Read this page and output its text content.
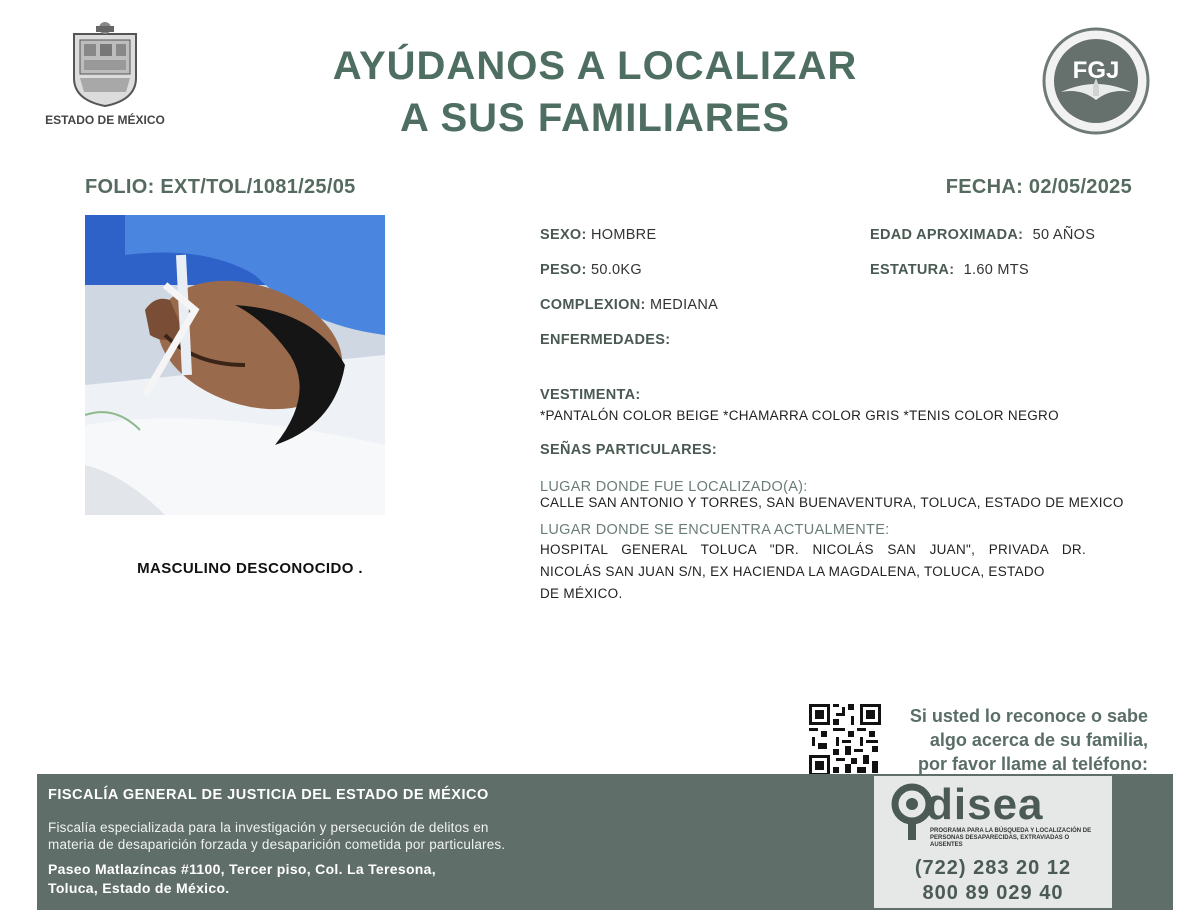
ESTADO DE MÉXICO
AYÚDANOS A LOCALIZAR
A SUS FAMILIARES
FGJ
FOLIO: EXT/TOL/1081/25/05	FECHA: 02/05/2025
MASCULINO DESCONOCIDO .
SEXO: HOMBRE	EDAD APROXIMADA: 50 AÑOS
PESO: 50.0KG	ESTATURA: 1.60 MTS
COMPLEXION: MEDIANA
ENFERMEDADES:
VESTIMENTA:
*PANTALÓN COLOR BEIGE *CHAMARRA COLOR GRIS *TENIS COLOR NEGRO
SEÑAS PARTICULARES:
LUGAR DONDE FUE LOCALIZADO(A):
CALLE SAN ANTONIO Y TORRES, SAN BUENAVENTURA, TOLUCA, ESTADO DE MEXICO
LUGAR DONDE SE ENCUENTRA ACTUALMENTE:
HOSPITAL GENERAL TOLUCA "DR. NICOLÁS SAN JUAN", PRIVADA DR.
NICOLÁS SAN JUAN S/N, EX HACIENDA LA MAGDALENA, TOLUCA, ESTADO
DE MÉXICO.
Si usted lo reconoce o sabe
algo acerca de su familia,
por favor llame al teléfono:
FISCALÍA GENERAL DE JUSTICIA DEL ESTADO DE MÉXICO
Fiscalía especializada para la investigación y persecución de delitos en
materia de desaparición forzada y desaparición cometida por particulares.
Paseo Matlazíncas #1100, Tercer piso, Col. La Teresona,
Toluca, Estado de México.
disea
PROGRAMA PARA LA BÚSQUEDA Y LOCALIZACIÓN DE PERSONAS DESAPARECIDAS, EXTRAVIADAS O AUSENTES
(722) 283 20 12
800 89 029 40
